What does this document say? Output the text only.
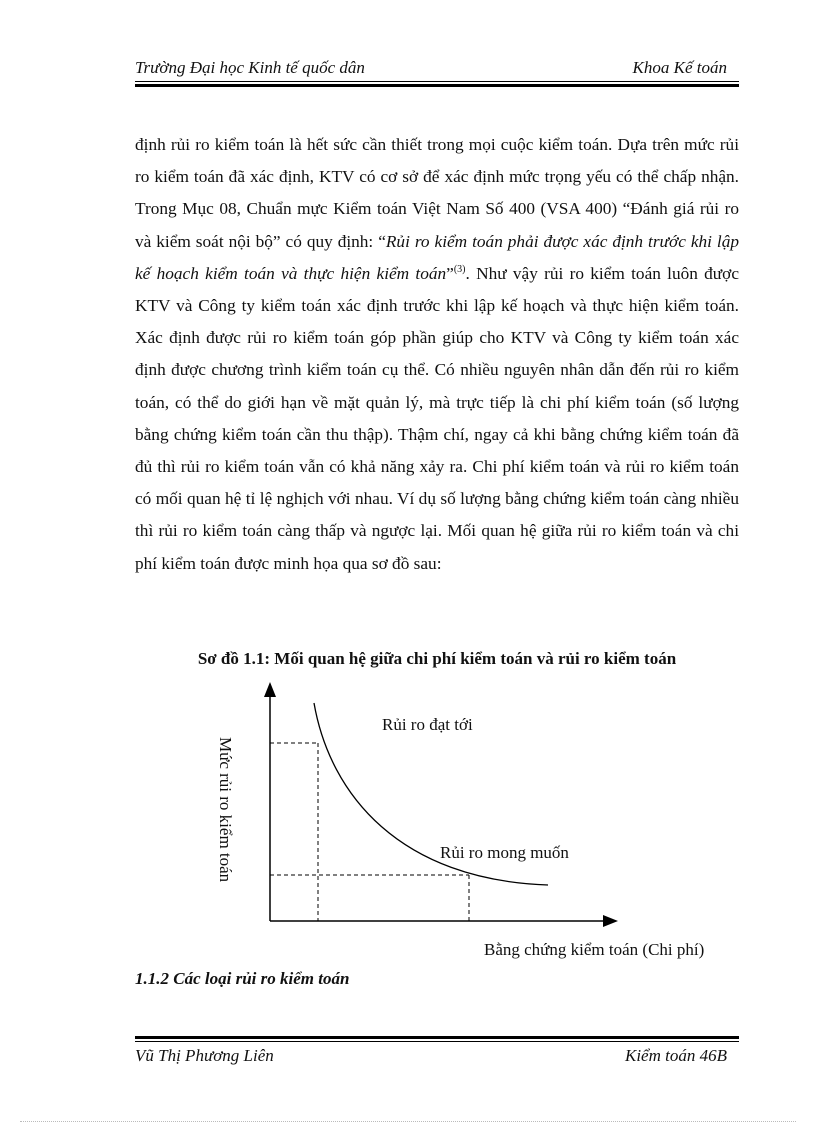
Trường Đại học Kinh tế quốc dân	Khoa Kế toán

định rủi ro kiểm toán là hết sức cần thiết trong mọi cuộc kiểm toán. Dựa trên mức rủi ro kiểm toán đã xác định, KTV có cơ sở để xác định mức trọng yếu có thể chấp nhận. Trong Mục 08, Chuẩn mực Kiểm toán Việt Nam Số 400 (VSA 400) “Đánh giá rủi ro và kiểm soát nội bộ” có quy định: “Rủi ro kiểm toán phải được xác định trước khi lập kế hoạch kiểm toán và thực hiện kiểm toán”$^{(3)}$. Như vậy rủi ro kiểm toán luôn được KTV và Công ty kiểm toán xác định trước khi lập kế hoạch và thực hiện kiểm toán. Xác định được rủi ro kiểm toán góp phần giúp cho KTV và Công ty kiểm toán xác định được chương trình kiểm toán cụ thể. Có nhiều nguyên nhân dẫn đến rủi ro kiểm toán, có thể do giới hạn về mặt quản lý, mà trực tiếp là chi phí kiểm toán (số lượng bằng chứng kiểm toán cần thu thập). Thậm chí, ngay cả khi bằng chứng kiểm toán đã đủ thì rủi ro kiểm toán vẫn có khả năng xảy ra. Chi phí kiểm toán và rủi ro kiểm toán có mối quan hệ tỉ lệ nghịch với nhau. Ví dụ số lượng bằng chứng kiểm toán càng nhiều thì rủi ro kiểm toán càng thấp và ngược lại. Mối quan hệ giữa rủi ro kiểm toán và chi phí kiểm toán được minh họa qua sơ đồ sau:

Sơ đồ 1.1: Mối quan hệ giữa chi phí kiểm toán và rủi ro kiểm toán
Rủi ro đạt tới
Rủi ro mong muốn
Mức rủi ro kiểm toán
Bằng chứng kiểm toán (Chi phí)
1.1.2 Các loại rủi ro kiểm toán
Vũ Thị Phương Liên	Kiểm toán 46B
